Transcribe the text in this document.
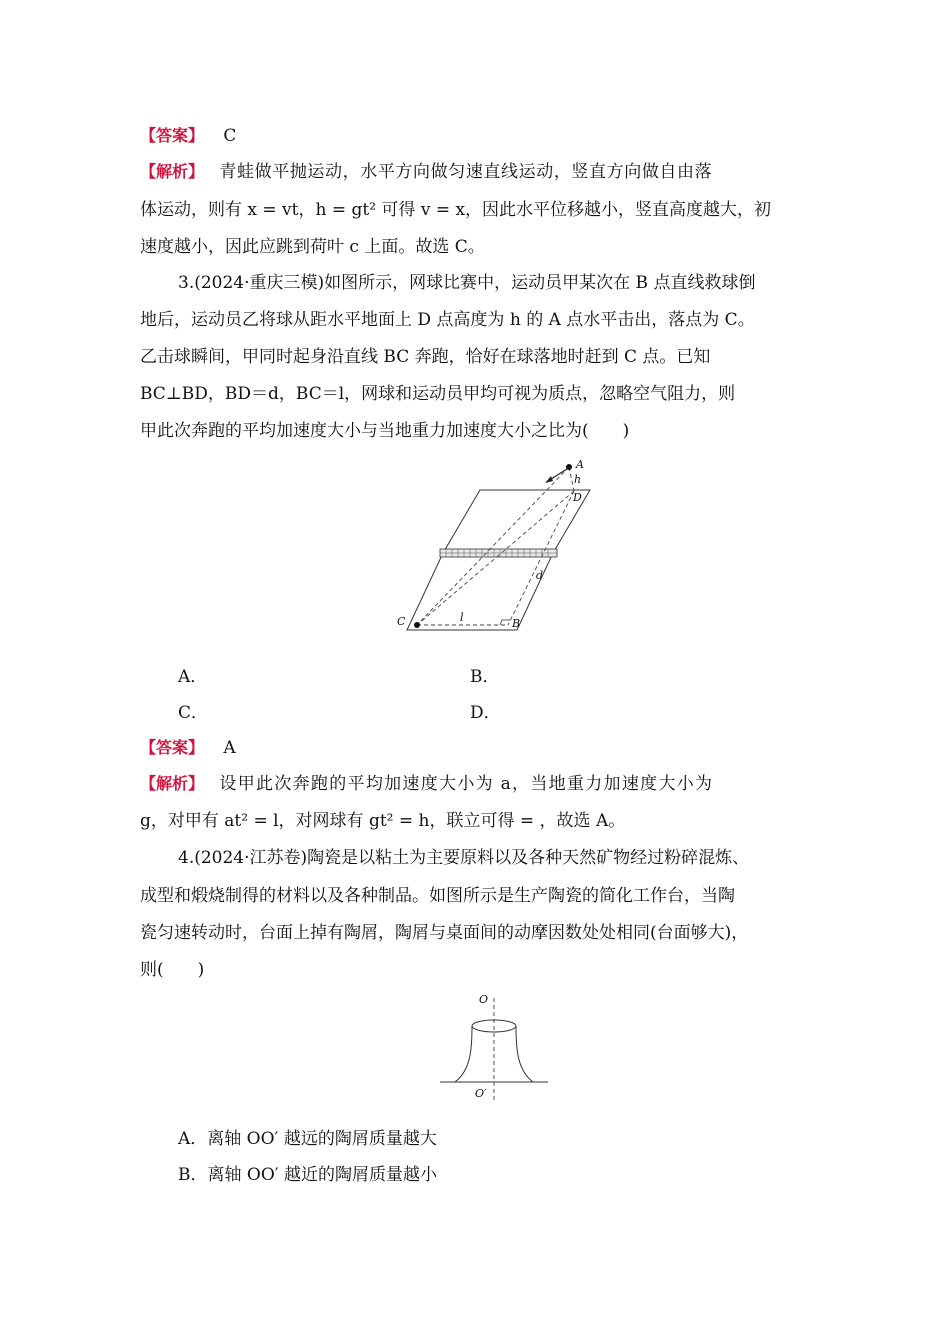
【答案】 C
【解析】 青蛙做平抛运动，水平方向做匀速直线运动，竖直方向做自由落
体运动，则有 x = vt，h = gt² 可得 v = x，因此水平位移越小，竖直高度越大，初
速度越小，因此应跳到荷叶 c 上面。故选 C。
3.(2024·重庆三模)如图所示，网球比赛中，运动员甲某次在 B 点直线救球倒
地后，运动员乙将球从距水平地面上 D 点高度为 h 的 A 点水平击出，落点为 C。
乙击球瞬间，甲同时起身沿直线 BC 奔跑，恰好在球落地时赶到 C 点。已知
BC⊥BD，BD＝d，BC＝l，网球和运动员甲均可视为质点，忽略空气阻力，则
甲此次奔跑的平均加速度大小与当地重力加速度大小之比为(　　)
A
h
D
d
l
C	B
A．	B．
C．	D．
【答案】 A
【解析】 设甲此次奔跑的平均加速度大小为 a，当地重力加速度大小为
g，对甲有 at² = l，对网球有 gt² = h，联立可得 = ，故选 A。
4.(2024·江苏卷)陶瓷是以粘土为主要原料以及各种天然矿物经过粉碎混炼、
成型和煅烧制得的材料以及各种制品。如图所示是生产陶瓷的简化工作台，当陶
瓷匀速转动时，台面上掉有陶屑，陶屑与桌面间的动摩因数处处相同(台面够大)，
则(　　)
O
O′
A．离轴 OO′ 越远的陶屑质量越大
B．离轴 OO′ 越近的陶屑质量越小
